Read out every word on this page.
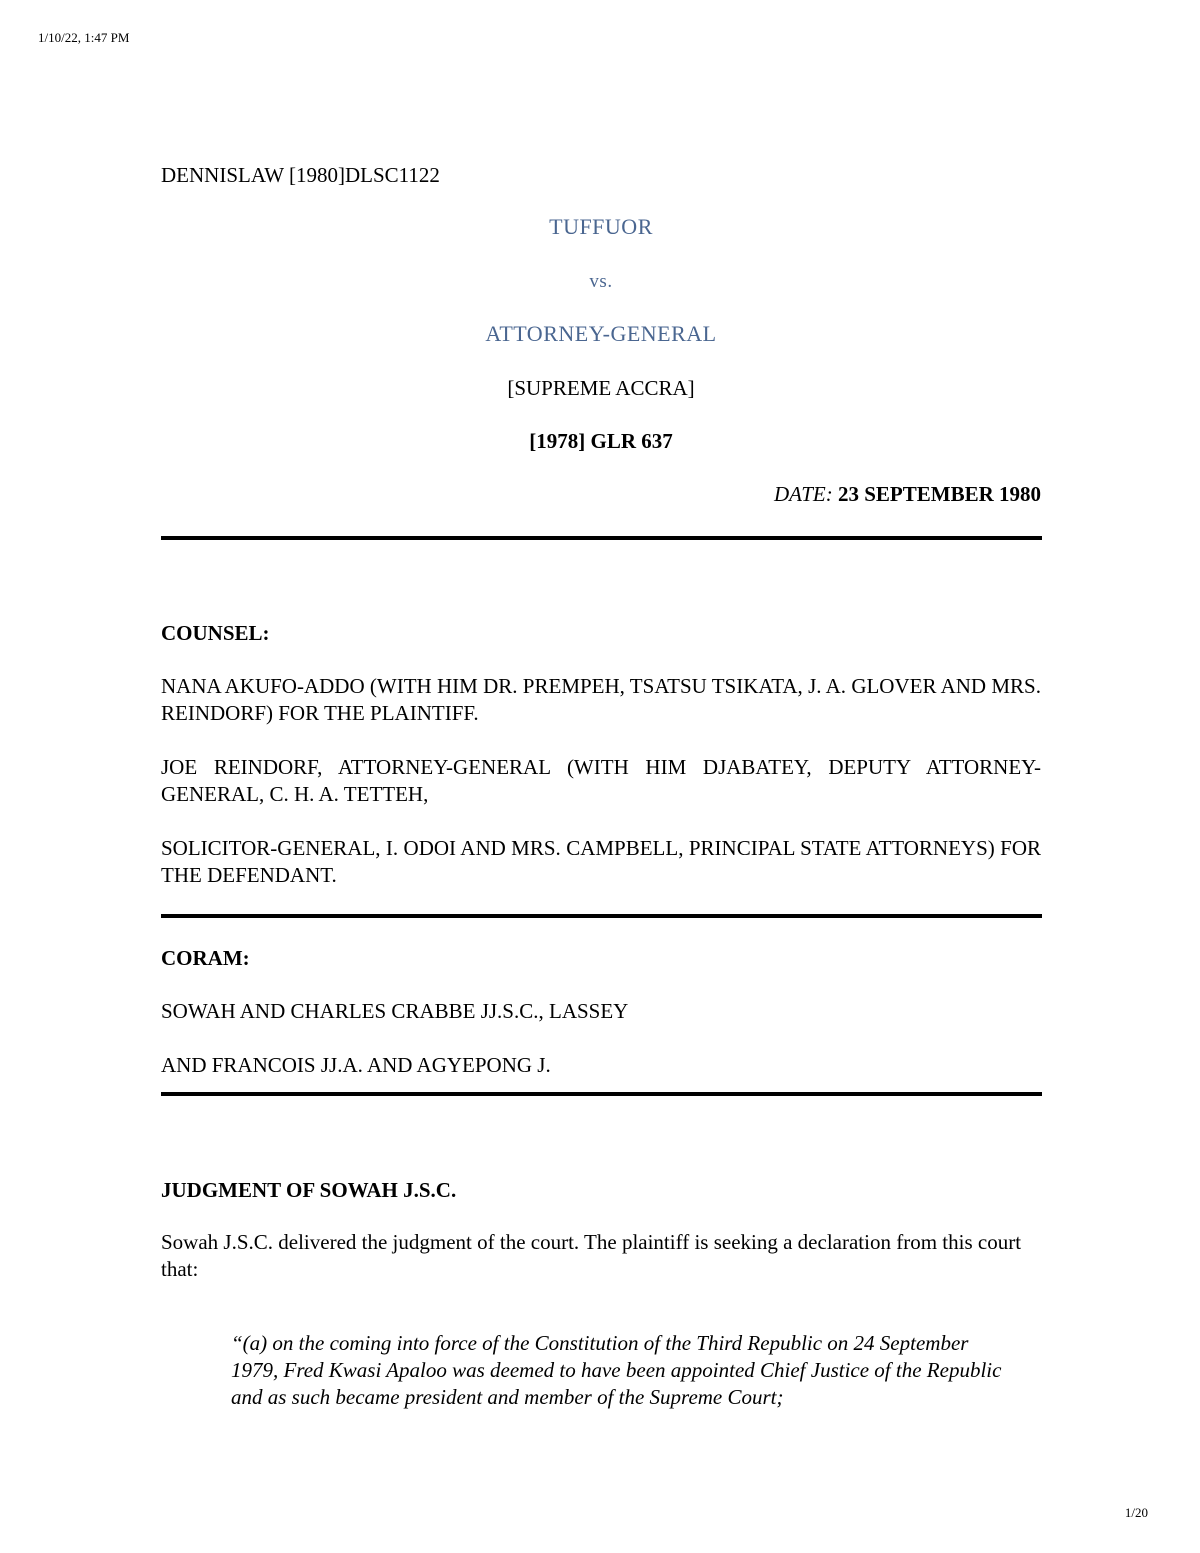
1/10/22, 1:47 PM

DENNISLAW [1980]DLSC1122

TUFFUOR

vs.

ATTORNEY-GENERAL

[SUPREME ACCRA]

[1978] GLR 637

DATE: 23 SEPTEMBER 1980

COUNSEL:

NANA AKUFO-ADDO (WITH HIM DR. PREMPEH, TSATSU TSIKATA, J. A. GLOVER AND MRS. REINDORF) FOR THE PLAINTIFF.

JOE REINDORF, ATTORNEY-GENERAL (WITH HIM DJABATEY, DEPUTY ATTORNEY-GENERAL, C. H. A. TETTEH,

SOLICITOR-GENERAL, I. ODOI AND MRS. CAMPBELL, PRINCIPAL STATE ATTORNEYS) FOR THE DEFENDANT.

CORAM:

SOWAH AND CHARLES CRABBE JJ.S.C., LASSEY

AND FRANCOIS JJ.A. AND AGYEPONG J.

JUDGMENT OF SOWAH J.S.C.

Sowah J.S.C. delivered the judgment of the court. The plaintiff is seeking a declaration from this court that:

“(a) on the coming into force of the Constitution of the Third Republic on 24 September 1979, Fred Kwasi Apaloo was deemed to have been appointed Chief Justice of the Republic and as such became president and member of the Supreme Court;

1/20
